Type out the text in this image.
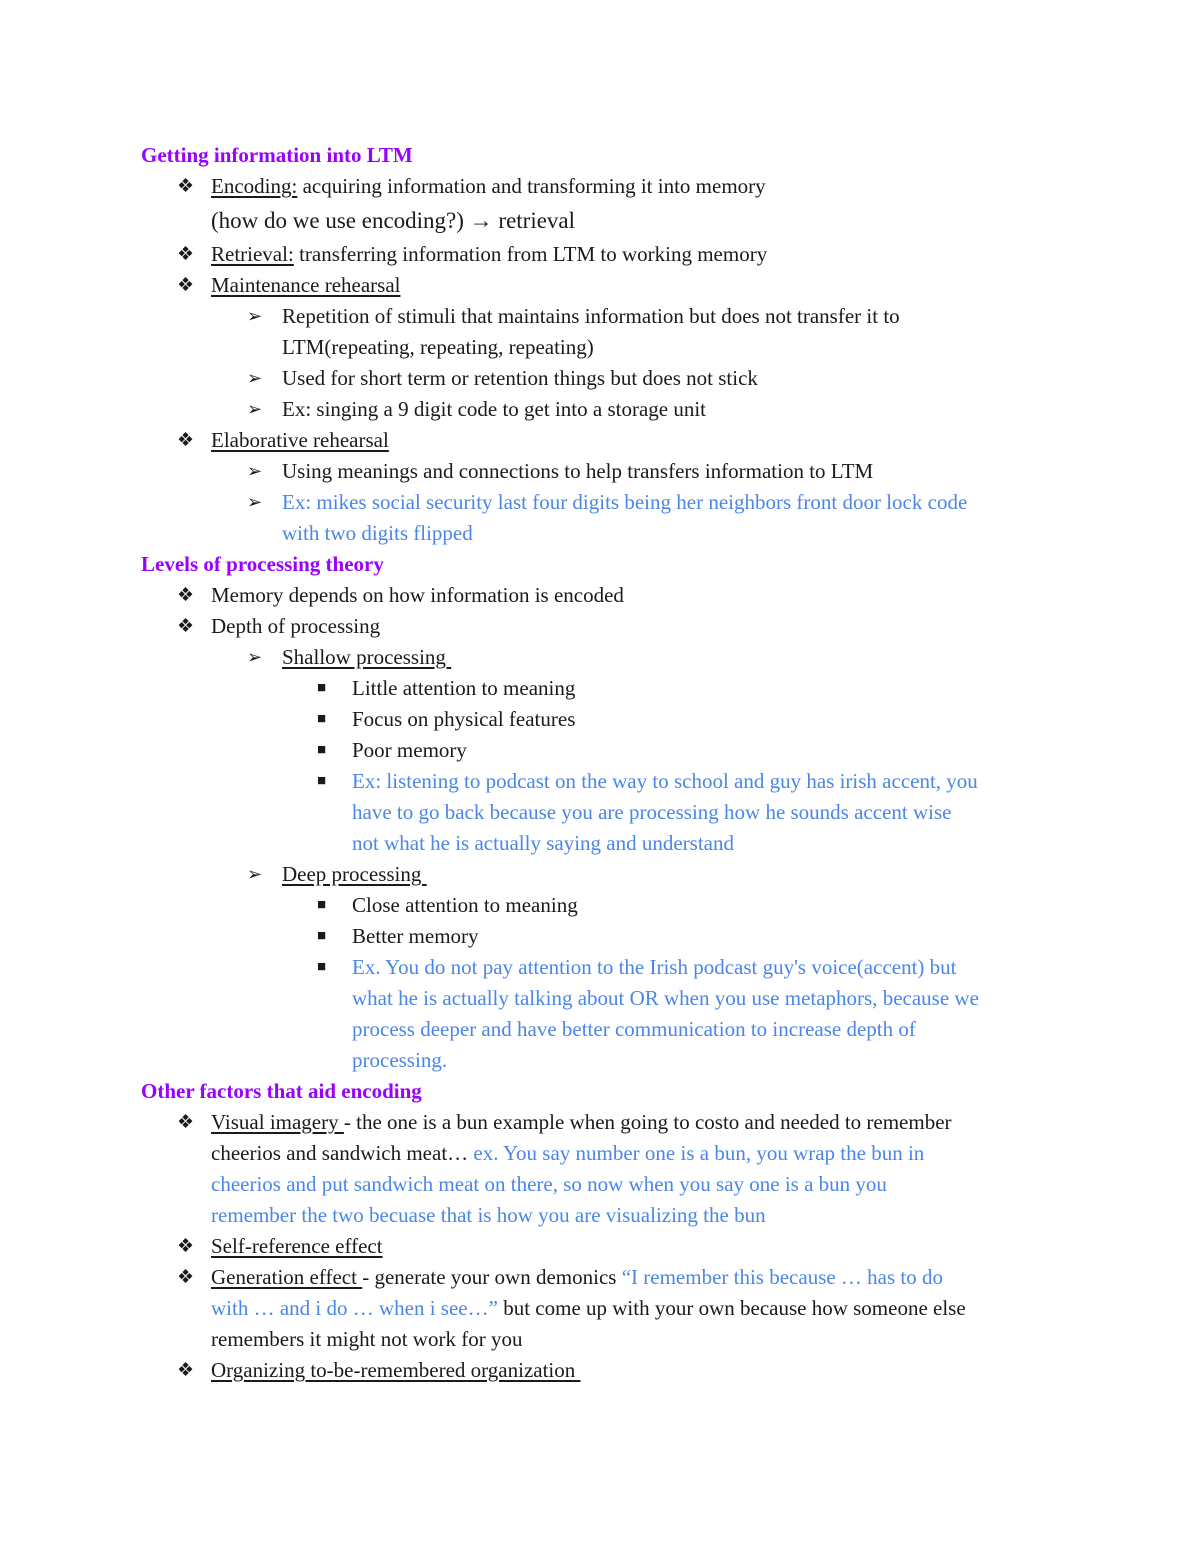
Getting information into LTM
❖ Encoding: acquiring information and transforming it into memory
(how do we use encoding?) → retrieval
❖ Retrieval: transferring information from LTM to working memory
❖ Maintenance rehearsal
➢ Repetition of stimuli that maintains information but does not transfer it to
LTM(repeating, repeating, repeating)
➢ Used for short term or retention things but does not stick
➢ Ex: singing a 9 digit code to get into a storage unit
❖ Elaborative rehearsal
➢ Using meanings and connections to help transfers information to LTM
➢ Ex: mikes social security last four digits being her neighbors front door lock code
with two digits flipped
Levels of processing theory
❖ Memory depends on how information is encoded
❖ Depth of processing
➢ Shallow processing
■	Little attention to meaning
■	Focus on physical features
■	Poor memory
■	Ex: listening to podcast on the way to school and guy has irish accent, you
have to go back because you are processing how he sounds accent wise
not what he is actually saying and understand
➢ Deep processing
■	Close attention to meaning
■	Better memory
■	Ex. You do not pay attention to the Irish podcast guy's voice(accent) but
what he is actually talking about OR when you use metaphors, because we
process deeper and have better communication to increase depth of
processing.
Other factors that aid encoding
❖ Visual imagery - the one is a bun example when going to costo and needed to remember
cheerios and sandwich meat… ex. You say number one is a bun, you wrap the bun in
cheerios and put sandwich meat on there, so now when you say one is a bun you
remember the two becuase that is how you are visualizing the bun
❖ Self-reference effect
❖ Generation effect - generate your own demonics “I remember this because … has to do
with … and i do … when i see…” but come up with your own because how someone else
remembers it might not work for you
❖ Organizing to-be-remembered organization
